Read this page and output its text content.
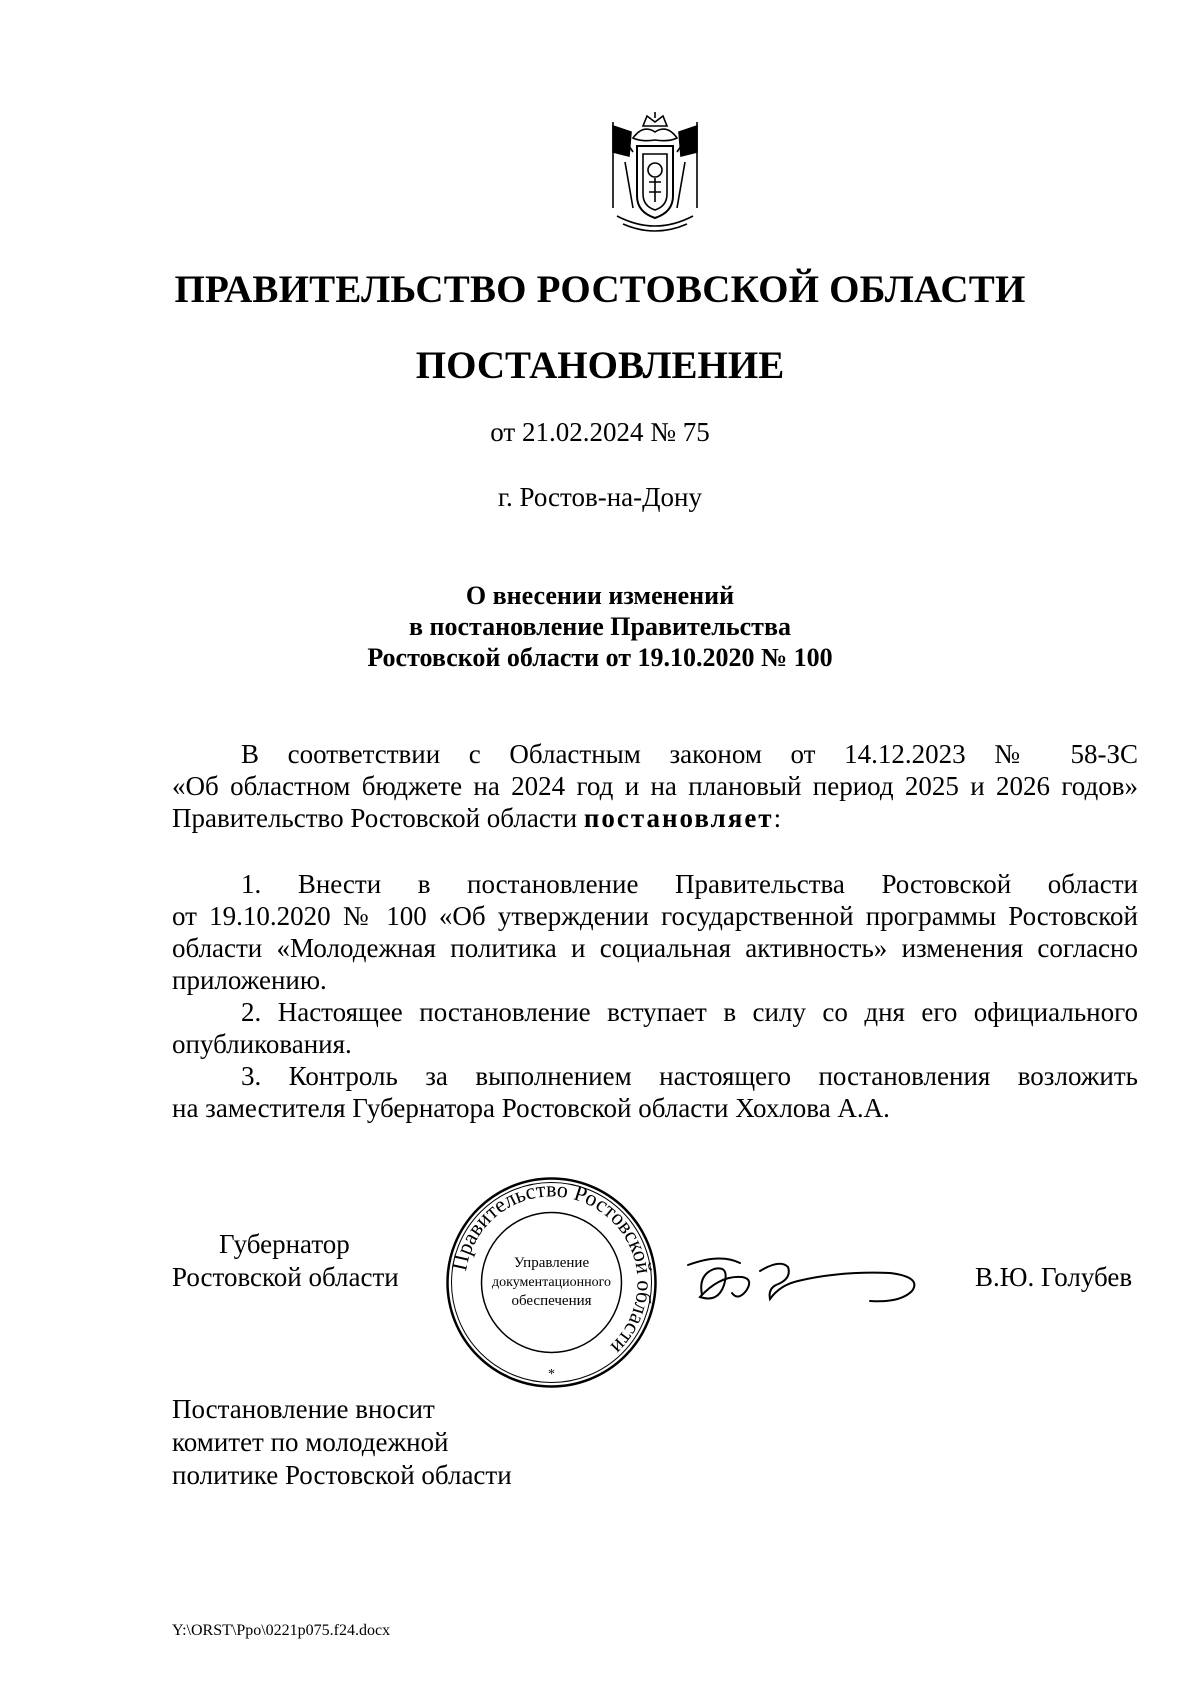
ПРАВИТЕЛЬСТВО РОСТОВСКОЙ ОБЛАСТИ
ПОСТАНОВЛЕНИЕ
от 21.02.2024 № 75
г. Ростов-на-Дону
О внесении изменений
в постановление Правительства
Ростовской области от 19.10.2020 № 100
В соответствии с Областным законом от 14.12.2023 № 58-ЗС
«Об областном бюджете на 2024 год и на плановый период 2025 и 2026 годов»
Правительство Ростовской области постановляет:
1. Внести в постановление Правительства Ростовской области
от 19.10.2020 № 100 «Об утверждении государственной программы Ростовской
области «Молодежная политика и социальная активность» изменения согласно
приложению.
2. Настоящее постановление вступает в силу со дня его официального
опубликования.
3. Контроль за выполнением настоящего постановления возложить
на заместителя Губернатора Ростовской области Хохлова А.А.
Губернатор
Ростовской области Правительство Ростовской области
Управление
документационного
обеспечения
*
В.Ю. Голубев
Постановление вносит
комитет по молодежной
политике Ростовской области
Y:\ORST\Ppo\0221p075.f24.docx
